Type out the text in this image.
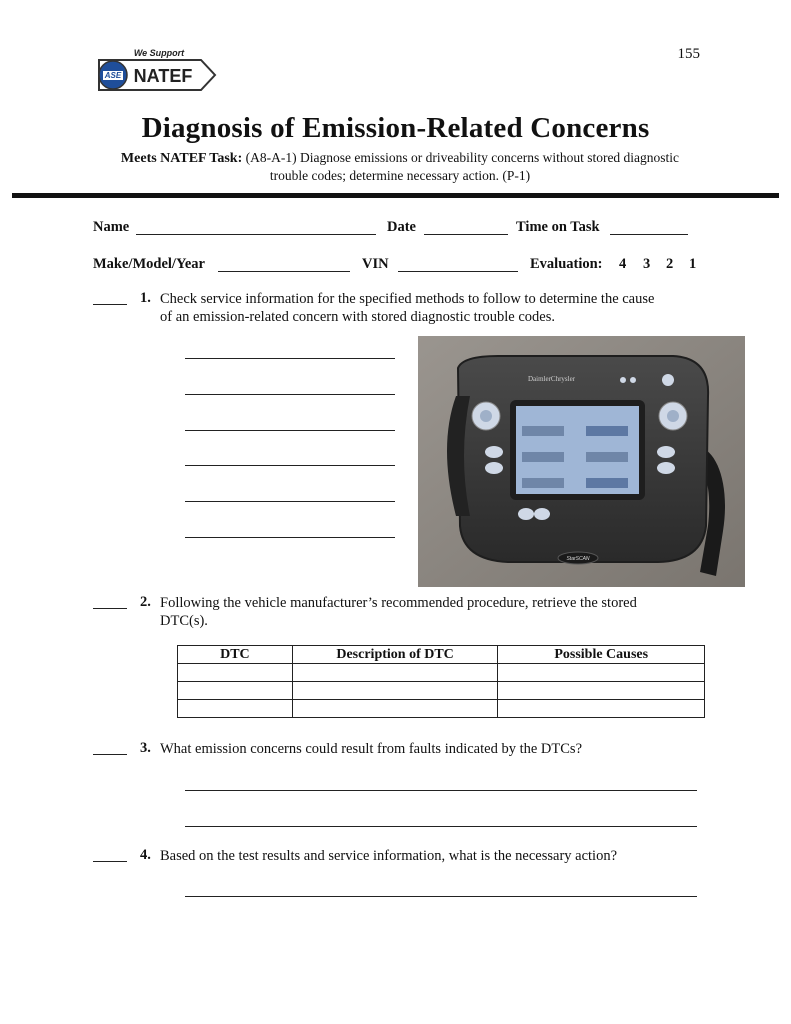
ASE
We Support
NATEF
155
Diagnosis of Emission-Related Concerns
Meets NATEF Task: (A8-A-1) Diagnose emissions or driveability concerns without stored diagnostic
trouble codes; determine necessary action. (P-1)
Name	Date	Time on Task
Make/Model/Year	VIN	Evaluation: 4 3 2 1
1. Check service information for the specified methods to follow to determine the cause
of an emission-related concern with stored diagnostic trouble codes.
DaimlerChrysler
StarSCAN
2. Following the vehicle manufacturer’s recommended procedure, retrieve the stored
DTC(s).
DTC	Description of DTC	Possible Causes

3. What emission concerns could result from faults indicated by the DTCs?
4. Based on the test results and service information, what is the necessary action?
